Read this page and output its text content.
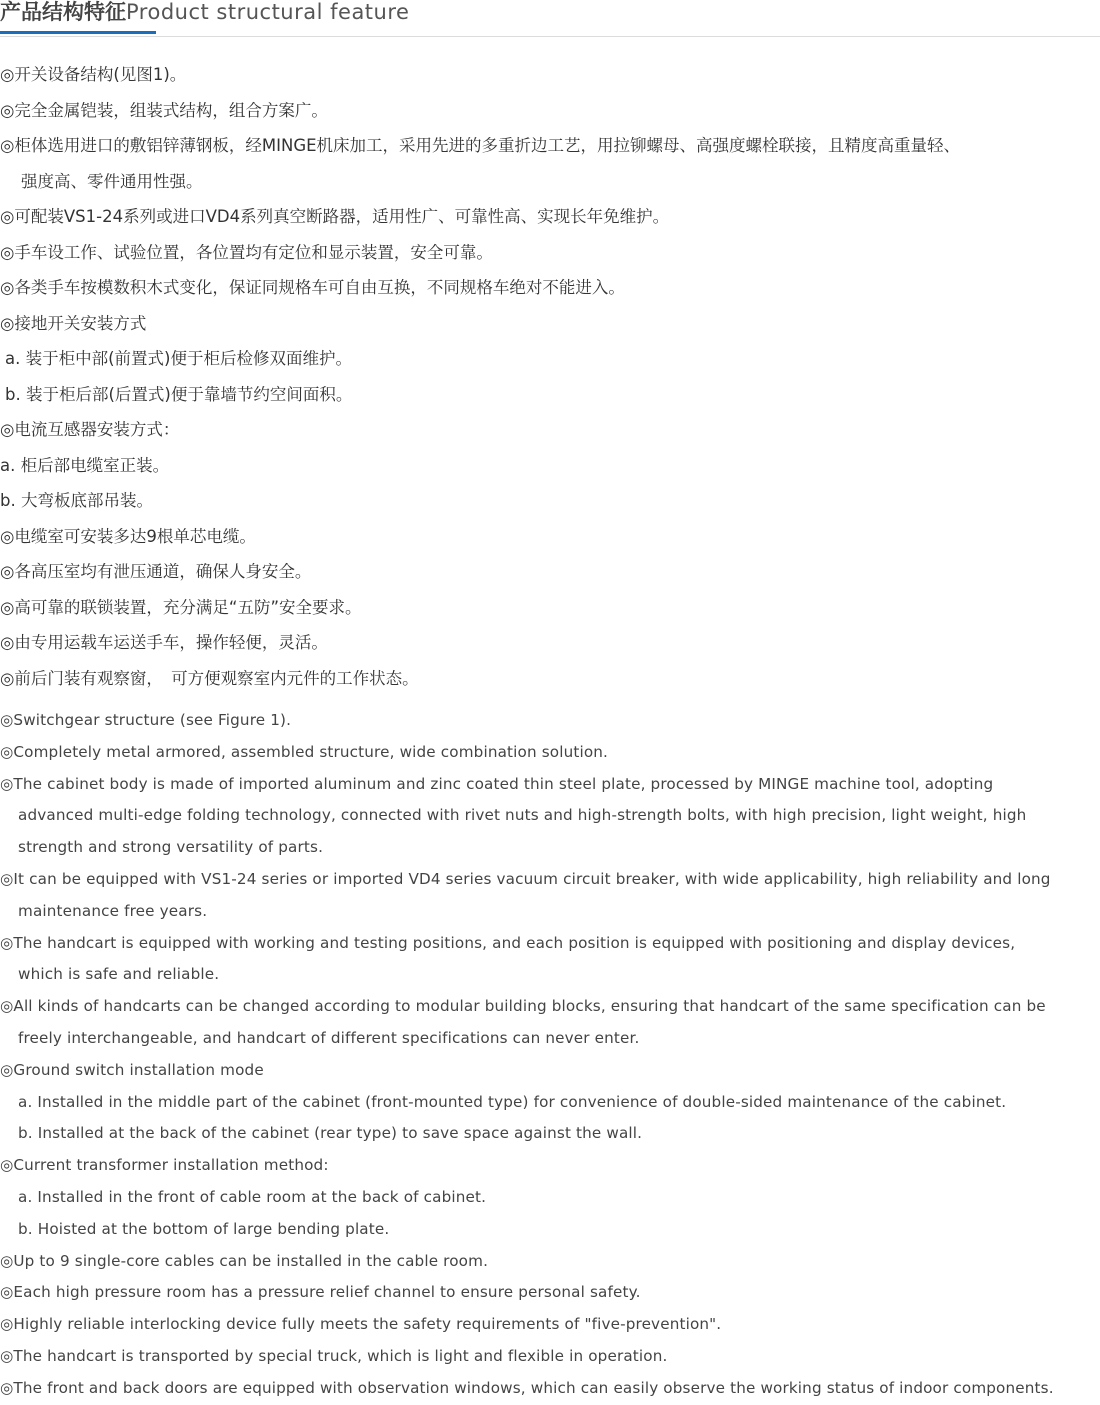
产品结构特征Product structural feature
◎开关设备结构(见图1)。
◎完全金属铠装，组装式结构，组合方案广。
◎柜体选用进口的敷铝锌薄钢板，经MINGE机床加工，采用先进的多重折边工艺，用拉铆螺母、高强度螺栓联接，且精度高重量轻、
强度高、零件通用性强。
◎可配装VS1-24系列或进口VD4系列真空断路器，适用性广、可靠性高、实现长年免维护。
◎手车设工作、试验位置，各位置均有定位和显示装置，安全可靠。
◎各类手车按模数积木式变化，保证同规格车可自由互换，不同规格车绝对不能进入。
◎接地开关安装方式
a. 装于柜中部(前置式)便于柜后检修双面维护。
b. 装于柜后部(后置式)便于靠墙节约空间面积。
◎电流互感器安装方式：
a. 柜后部电缆室正装。
b. 大弯板底部吊装。
◎电缆室可安装多达9根单芯电缆。
◎各高压室均有泄压通道，确保人身安全。
◎高可靠的联锁装置，充分满足“五防”安全要求。
◎由专用运载车运送手车，操作轻便，灵活。
◎前后门装有观察窗，　可方便观察室内元件的工作状态。
◎Switchgear structure (see Figure 1).
◎Completely metal armored, assembled structure, wide combination solution.
◎The cabinet body is made of imported aluminum and zinc coated thin steel plate, processed by MINGE machine tool, adopting
advanced multi-edge folding technology, connected with rivet nuts and high-strength bolts, with high precision, light weight, high
strength and strong versatility of parts.
◎It can be equipped with VS1-24 series or imported VD4 series vacuum circuit breaker, with wide applicability, high reliability and long
maintenance free years.
◎The handcart is equipped with working and testing positions, and each position is equipped with positioning and display devices,
which is safe and reliable.
◎All kinds of handcarts can be changed according to modular building blocks, ensuring that handcart of the same specification can be
freely interchangeable, and handcart of different specifications can never enter.
◎Ground switch installation mode
a. Installed in the middle part of the cabinet (front-mounted type) for convenience of double-sided maintenance of the cabinet.
b. Installed at the back of the cabinet (rear type) to save space against the wall.
◎Current transformer installation method:
a. Installed in the front of cable room at the back of cabinet.
b. Hoisted at the bottom of large bending plate.
◎Up to 9 single-core cables can be installed in the cable room.
◎Each high pressure room has a pressure relief channel to ensure personal safety.
◎Highly reliable interlocking device fully meets the safety requirements of "five-prevention".
◎The handcart is transported by special truck, which is light and flexible in operation.
◎The front and back doors are equipped with observation windows, which can easily observe the working status of indoor components.
